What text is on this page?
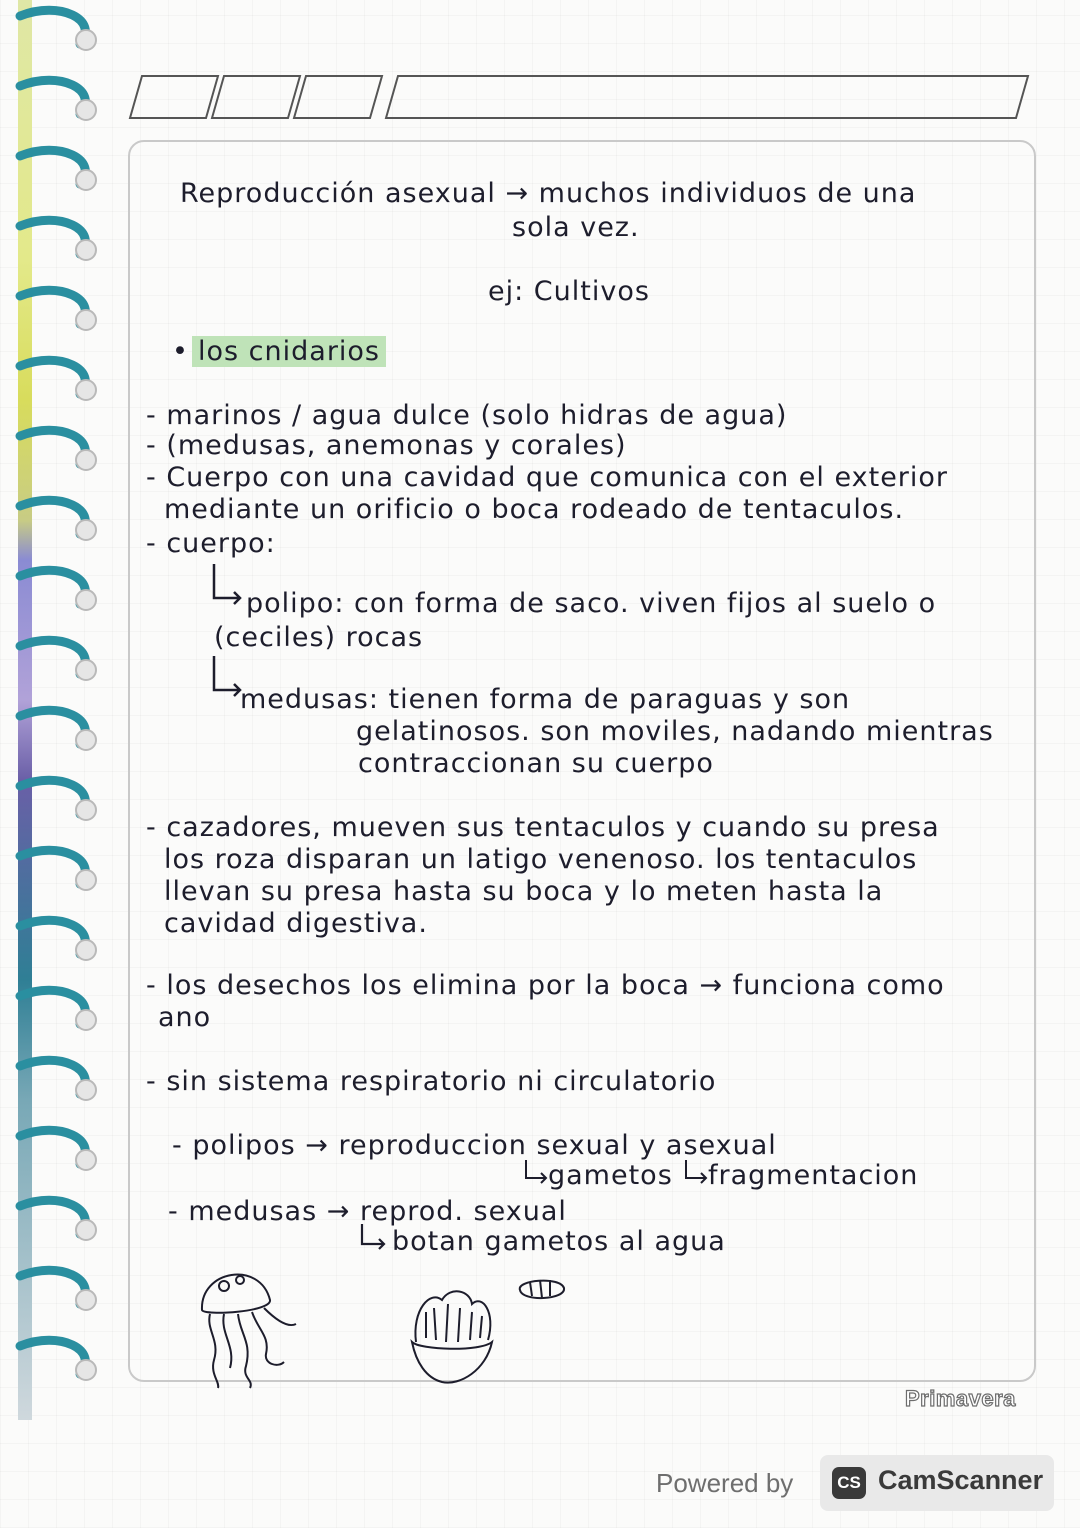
Reproducción asexual → muchos individuos de una
sola vez.
ej: Cultivos
• los cnidarios
- marinos / agua dulce (solo hidras de agua)
- (medusas, anemonas y corales)
- Cuerpo con una cavidad que comunica con el exterior
mediante un orificio o boca rodeado de tentaculos.
- cuerpo:
polipo: con forma de saco. viven fijos al suelo o
(ceciles) rocas
medusas: tienen forma de paraguas y son
gelatinosos. son moviles, nadando mientras
contraccionan su cuerpo
- cazadores, mueven sus tentaculos y cuando su presa
los roza disparan un latigo venenoso. los tentaculos
llevan su presa hasta su boca y lo meten hasta la
cavidad digestiva.
- los desechos los elimina por la boca → funciona como
ano
- sin sistema respiratorio ni circulatorio
- polipos → reproduccion sexual y asexual
gametos fragmentacion
- medusas → reprod. sexual
botan gametos al agua
Primavera
Powered by	CS CamScanner
